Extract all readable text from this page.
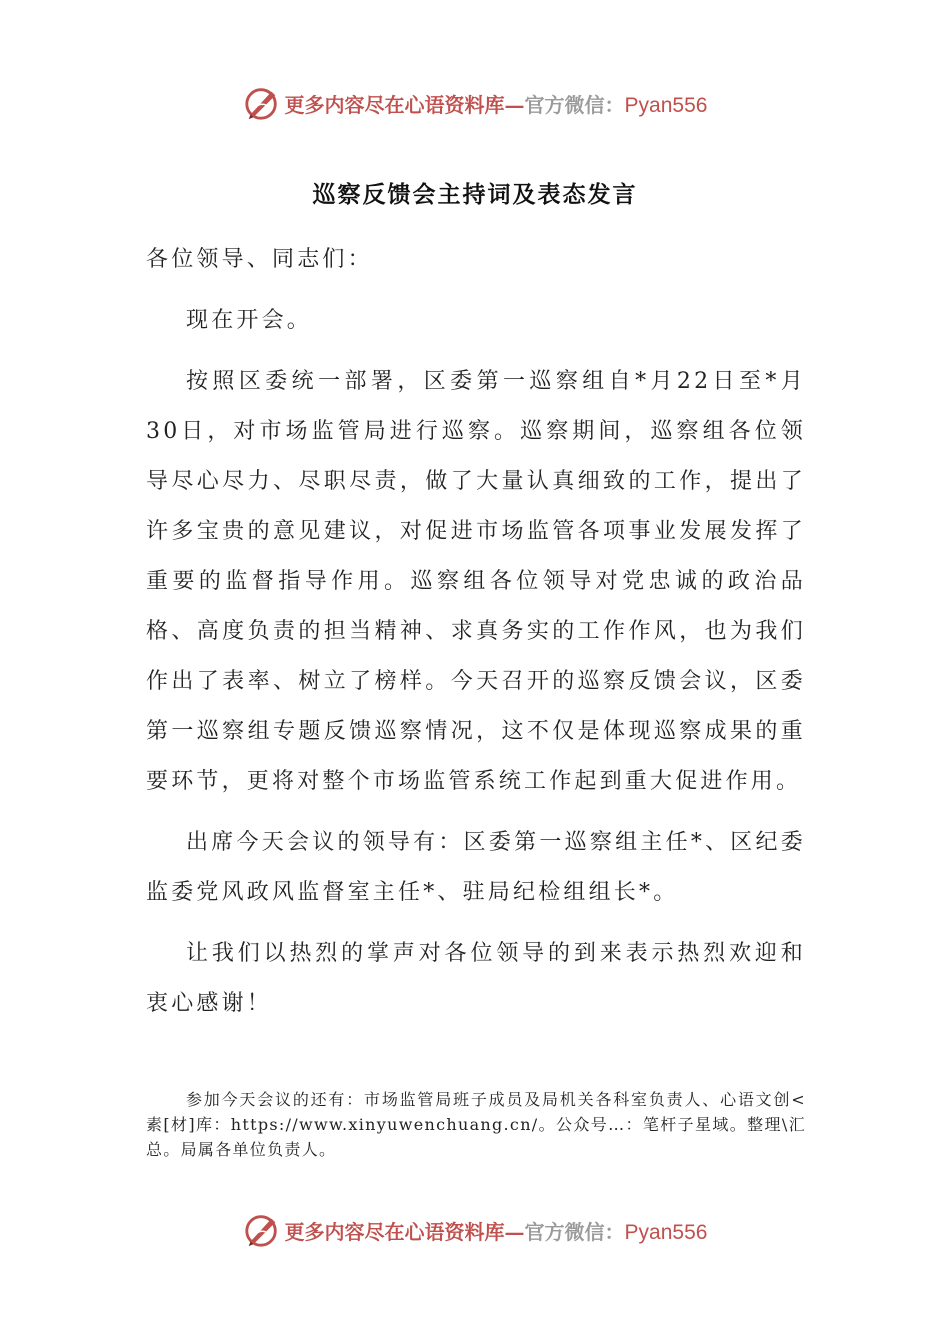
更多内容尽在心语资料库—官方微信：Pyan556
巡察反馈会主持词及表态发言

各位领导、同志们：

现在开会。

按照区委统一部署，区委第一巡察组自*月22日至*月30日，对市场监管局进行巡察。巡察期间，巡察组各位领导尽心尽力、尽职尽责，做了大量认真细致的工作，提出了许多宝贵的意见建议，对促进市场监管各项事业发展发挥了重要的监督指导作用。巡察组各位领导对党忠诚的政治品格、高度负责的担当精神、求真务实的工作作风，也为我们作出了表率、树立了榜样。今天召开的巡察反馈会议，区委第一巡察组专题反馈巡察情况，这不仅是体现巡察成果的重要环节，更将对整个市场监管系统工作起到重大促进作用。

出席今天会议的领导有：区委第一巡察组主任*、区纪委监委党风政风监督室主任*、驻局纪检组组长*。

让我们以热烈的掌声对各位领导的到来表示热烈欢迎和衷心感谢！

参加今天会议的还有：市场监管局班子成员及局机关各科室负责人、心语文创<素[材]库：https://www.xinyuwenchuang.cn/。公众号…：笔杆子星域。整理\汇总。局属各单位负责人。
更多内容尽在心语资料库—官方微信：Pyan556
